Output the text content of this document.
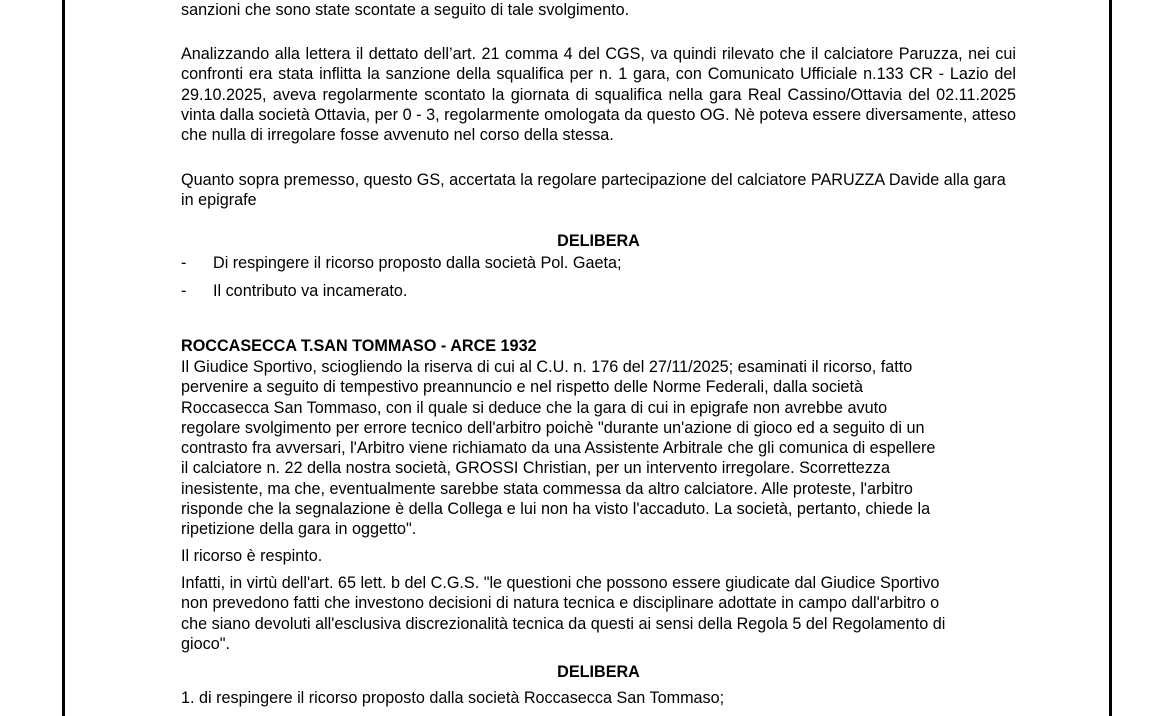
sanzioni che sono state scontate a seguito di tale svolgimento.

Analizzando alla lettera il dettato dell’art. 21 comma 4 del CGS, va quindi rilevato che il calciatore Paruzza, nei cui confronti era stata inflitta la sanzione della squalifica per n. 1 gara, con Comunicato Ufficiale n.133 CR - Lazio del 29.10.2025, aveva regolarmente scontato la giornata di squalifica nella gara Real Cassino/Ottavia del 02.11.2025 vinta dalla società Ottavia, per 0 - 3, regolarmente omologata da questo OG. Nè poteva essere diversamente, atteso che nulla di irregolare fosse avvenuto nel corso della stessa.

Quanto sopra premesso, questo GS, accertata la regolare partecipazione del calciatore PARUZZA Davide alla gara in epigrafe

DELIBERA

- Di respingere il ricorso proposto dalla società Pol. Gaeta;
- Il contributo va incamerato.

ROCCASECCA T.SAN TOMMASO - ARCE 1932

Il Giudice Sportivo, sciogliendo la riserva di cui al C.U. n. 176 del 27/11/2025; esaminati il ricorso, fatto

pervenire a seguito di tempestivo preannuncio e nel rispetto delle Norme Federali, dalla società

Roccasecca San Tommaso, con il quale si deduce che la gara di cui in epigrafe non avrebbe avuto

regolare svolgimento per errore tecnico dell'arbitro poichè "durante un'azione di gioco ed a seguito di un

contrasto fra avversari, l'Arbitro viene richiamato da una Assistente Arbitrale che gli comunica di espellere

il calciatore n. 22 della nostra società, GROSSI Christian, per un intervento irregolare. Scorrettezza

inesistente, ma che, eventualmente sarebbe stata commessa da altro calciatore. Alle proteste, l'arbitro

risponde che la segnalazione è della Collega e lui non ha visto l'accaduto. La società, pertanto, chiede la

ripetizione della gara in oggetto".

Il ricorso è respinto.

Infatti, in virtù dell'art. 65 lett. b del C.G.S. "le questioni che possono essere giudicate dal Giudice Sportivo

non prevedono fatti che investono decisioni di natura tecnica e disciplinare adottate in campo dall'arbitro o

che siano devoluti all'esclusiva discrezionalità tecnica da questi ai sensi della Regola 5 del Regolamento di

gioco".

DELIBERA

1. di respingere il ricorso proposto dalla società Roccasecca San Tommaso;
